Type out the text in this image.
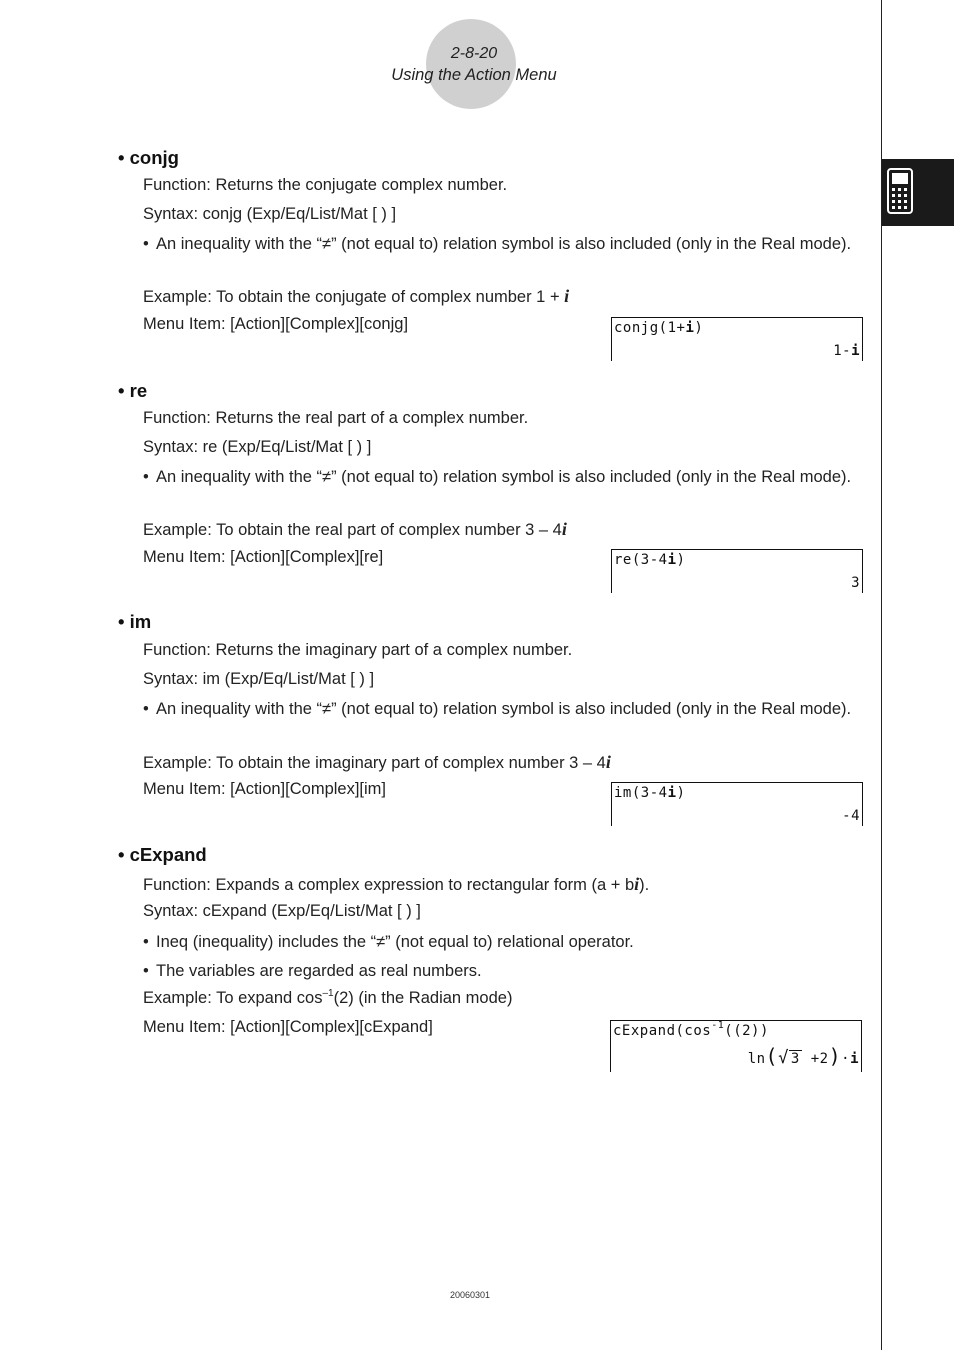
2-8-20
Using the Action Menu
• conjg
Function: Returns the conjugate complex number.
Syntax: conjg (Exp/Eq/List/Mat [ ) ]
• An inequality with the “≠” (not equal to) relation symbol is also included (only in the Real mode).
Example: To obtain the conjugate of complex number 1 + i
Menu Item: [Action][Complex][conjg]	conjg(1+i)
1-i
• re
Function: Returns the real part of a complex number.
Syntax: re (Exp/Eq/List/Mat [ ) ]
• An inequality with the “≠” (not equal to) relation symbol is also included (only in the Real mode).
Example: To obtain the real part of complex number 3 – 4i
Menu Item: [Action][Complex][re]	re(3-4i)
3
• im
Function: Returns the imaginary part of a complex number.
Syntax: im (Exp/Eq/List/Mat [ ) ]
• An inequality with the “≠” (not equal to) relation symbol is also included (only in the Real mode).
Example: To obtain the imaginary part of complex number 3 – 4i
Menu Item: [Action][Complex][im]	im(3-4i)
-4
• cExpand
Function: Expands a complex expression to rectangular form (a + bi).
Syntax: cExpand (Exp/Eq/List/Mat [ ) ]
• Ineq (inequality) includes the “≠” (not equal to) relational operator.
• The variables are regarded as real numbers.
Example: To expand $\cos^{-1}(2)$ (in the Radian mode)
Menu Item: [Action][Complex][cExpand]	$cExpand(\cos^{-1}((2))$
ln(√ 3 +2)·i
20060301
